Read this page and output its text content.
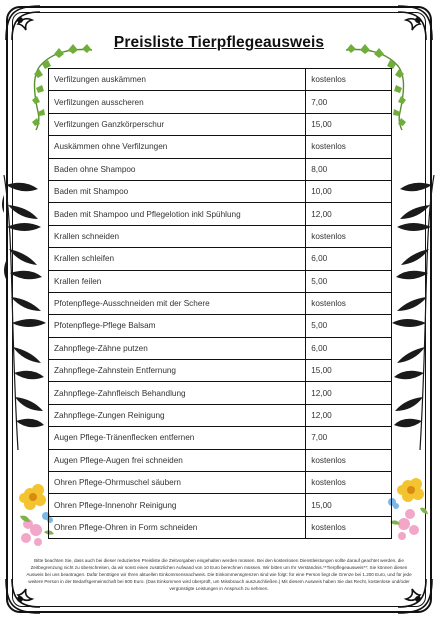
Preisliste Tierpflegeausweis
Verfilzungen auskämmen	kostenlos
Verfilzungen ausscheren	7,00
Verfilzungen Ganzkörperschur	15,00
Auskämmen ohne Verfilzungen	kostenlos
Baden ohne Shampoo	8,00
Baden mit Shampoo	10,00
Baden mit Shampoo und Pflegelotion inkl Spühlung	12,00
Krallen schneiden	kostenlos
Krallen schleifen	6,00
Krallen feilen	5,00
Pfotenpflege-Ausschneiden mit der Schere	kostenlos
Pfotenpflege-Pflege Balsam	5,00
Zahnpflege-Zähne putzen	6,00
Zahnpflege-Zahnstein Entfernung	15,00
Zahnpflege-Zahnfleisch Behandlung	12,00
Zahnpflege-Zungen Reinigung	12,00
Augen Pflege-Tränenflecken entfernen	7,00
Augen Pflege-Augen frei schneiden	kostenlos
Ohren Pflege-Ohrmuschel säubern	kostenlos
Ohren Pflege-Innenohr Reinigung	15,00
Ohren Pflege-Ohren in Form schneiden	kostenlos
Bitte beachten Sie, dass auch bei dieser reduzierten Preisliste die Zeitvorgaben eingehalten werden müssen. Bei den kostenlosen Dienstleistungen sollte darauf geachtet werden, die Zeitbegrenzung nicht zu überschreiten, da wir sonst einen zusätzlichen Aufwand von 10 Euro berechnen müssen. Wir bitten um Ihr Verständnis.**Tierpflegeausweis**: Sie können diesen Ausweis bei uns beantragen. Dafür benötigen wir Ihren aktuellen Einkommensnachweis. Die Einkommensgrenzen sind wie folgt: für eine Person liegt die Grenze bei 1.200 Euro, und für jede weitere Person in der Bedarfsgemeinschaft bei 600 Euro. (Das Einkommen wird überprüft, um Missbrauch auszuschließen.) Mit diesem Ausweis haben Sie das Recht, kostenlose und/oder vergünstigte Leistungen in Anspruch zu nehmen.
